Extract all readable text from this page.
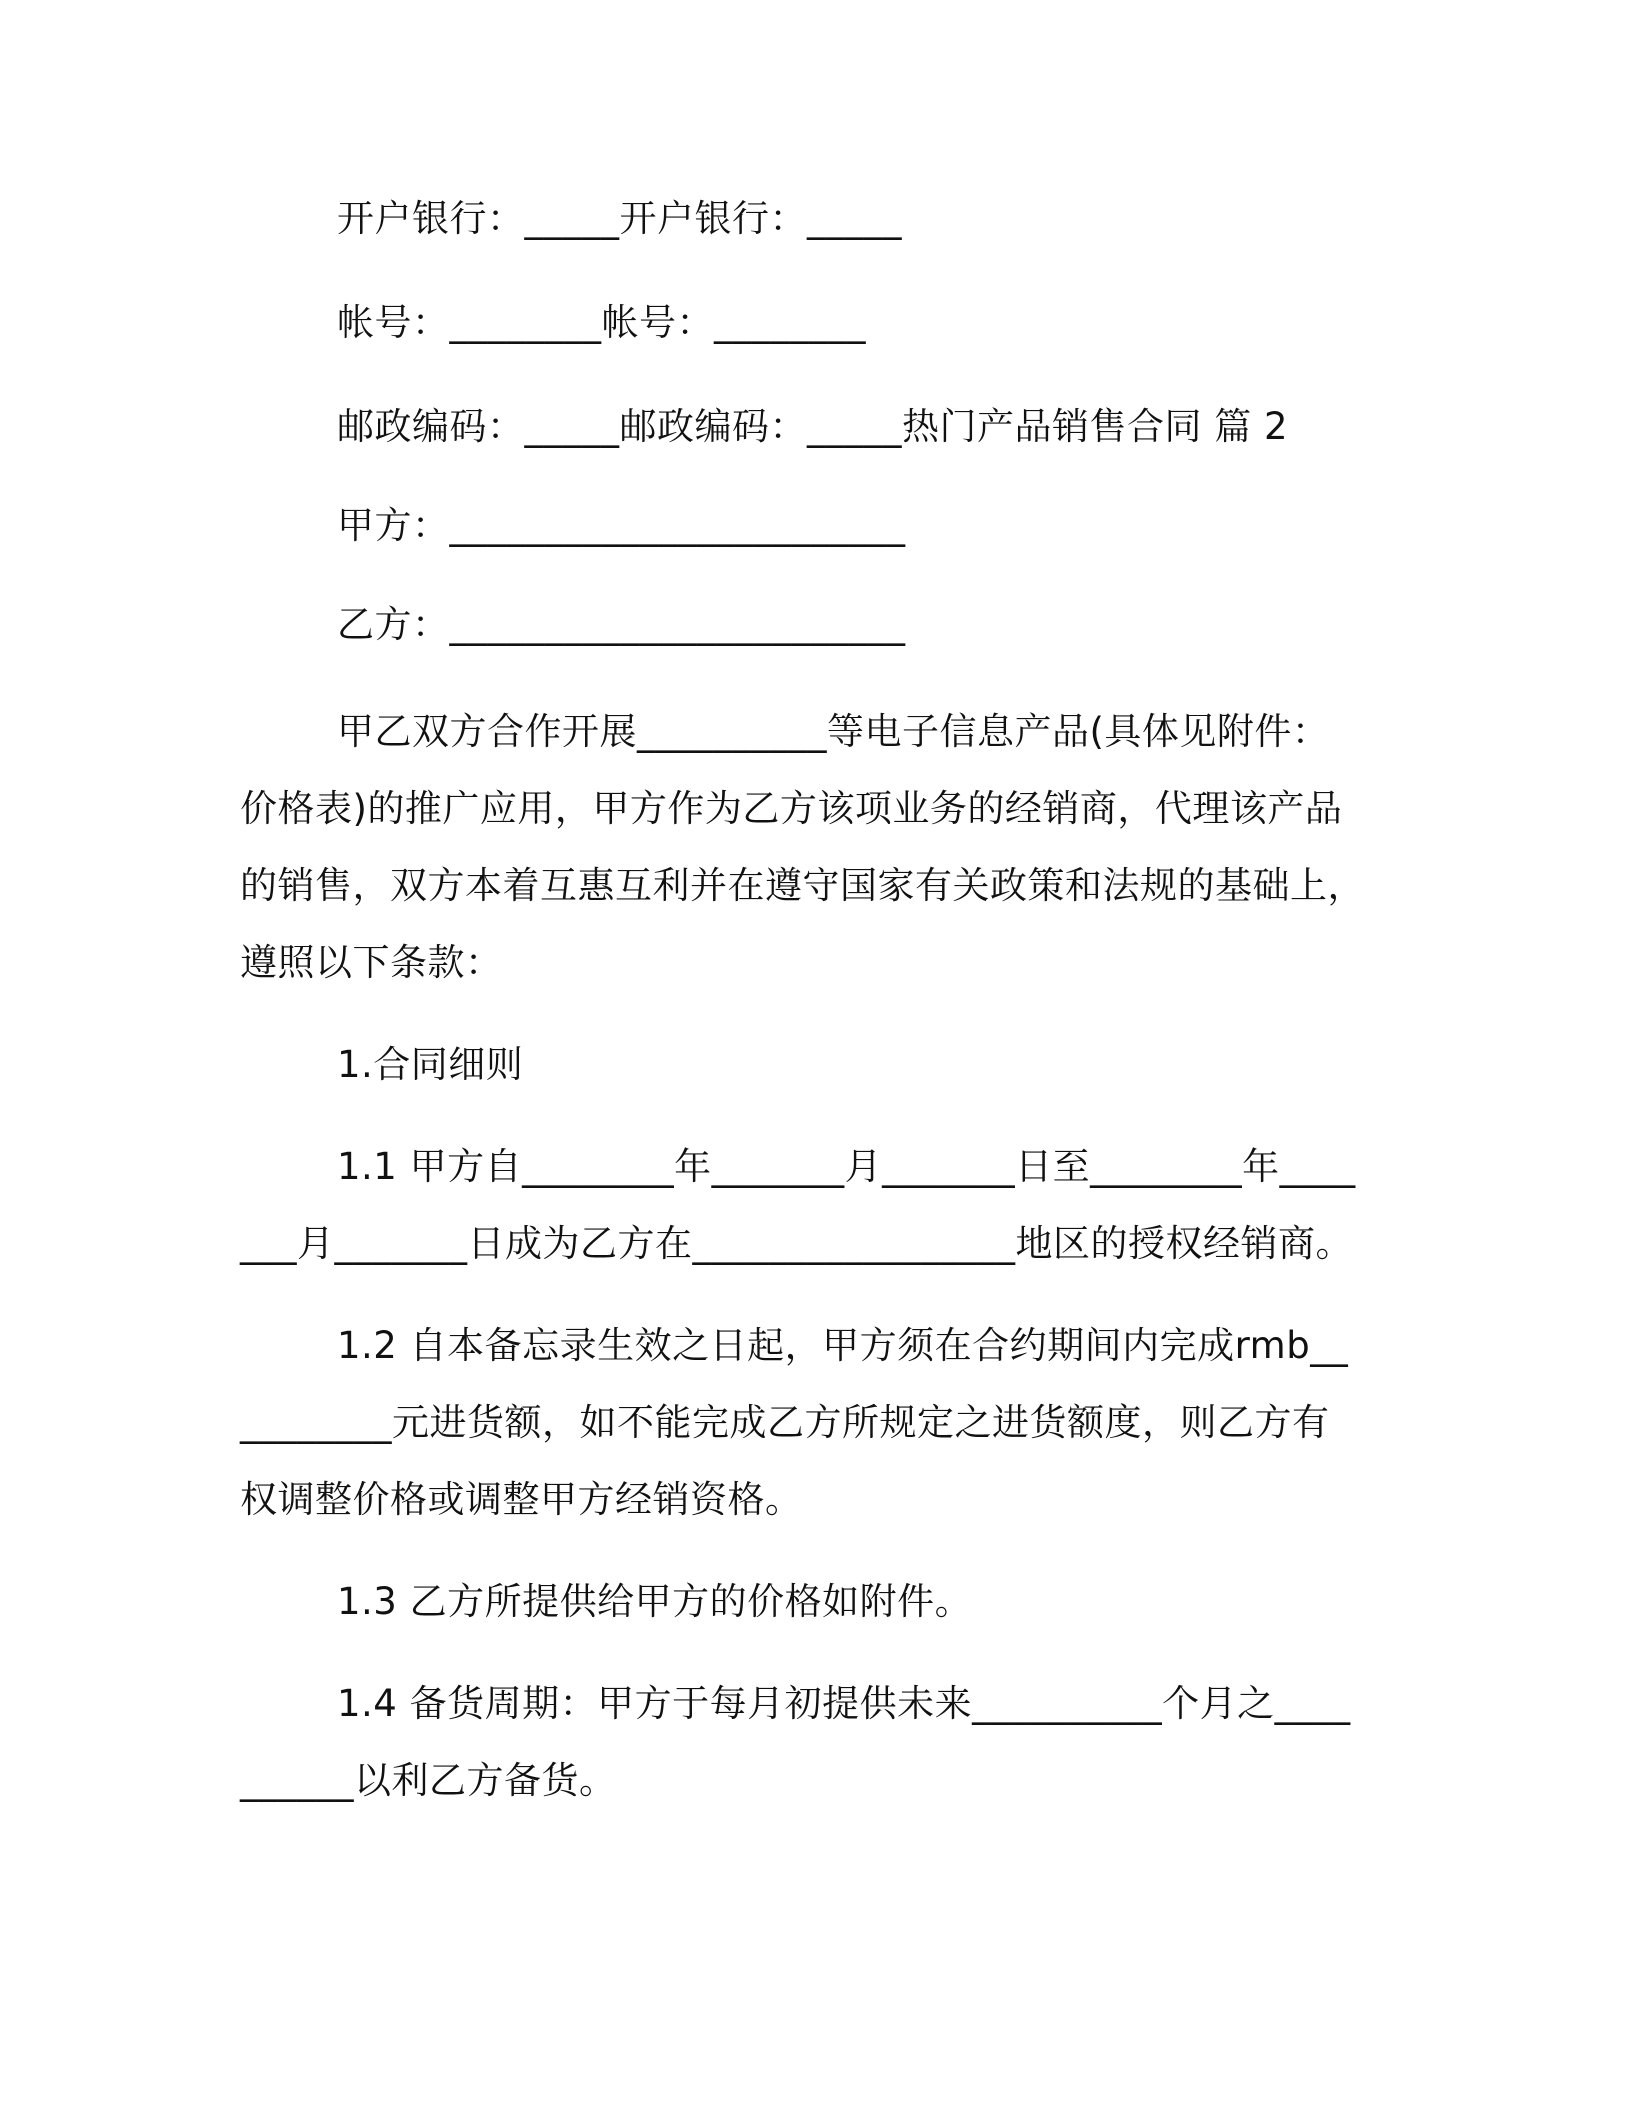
开户银行：_____开户银行：_____

帐号：________帐号：________

邮政编码：_____邮政编码：_____热门产品销售合同 篇 2

甲方：________________________

乙方：________________________

甲乙双方合作开展__________等电子信息产品(具体见附件：价格表)的推广应用，甲方作为乙方该项业务的经销商，代理该产品的销售，双方本着互惠互利并在遵守国家有关政策和法规的基础上，遵照以下条款：

1.合同细则

1.1 甲方自________年_______月_______日至________年_______月_______日成为乙方在_________________地区的授权经销商。

1.2 自本备忘录生效之日起，甲方须在合约期间内完成rmb__________元进货额，如不能完成乙方所规定之进货额度，则乙方有权调整价格或调整甲方经销资格。

1.3 乙方所提供给甲方的价格如附件。

1.4 备货周期：甲方于每月初提供未来__________个月之__________以利乙方备货。
